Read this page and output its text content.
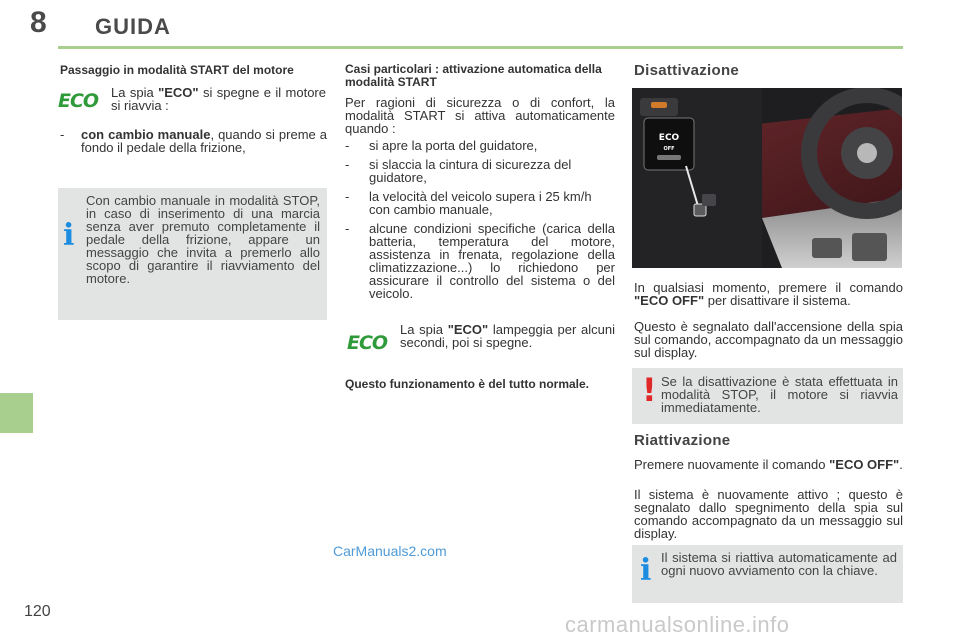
8 GUIDA
Passaggio in modalità START del motore
ECO La spia "ECO" si spegne e il motore si riavvia :

- con cambio manuale, quando si preme a fondo il pedale della frizione,

i

Con cambio manuale in modalità STOP, in caso di inserimento di una marcia senza aver premuto completamente il pedale della frizione, appare un messaggio che invita a premerlo allo scopo di garantire il riavviamento del motore.

Casi particolari : attivazione automatica della modalità START

Per ragioni di sicurezza o di confort, la modalità START si attiva automaticamente quando :

- si apre la porta del guidatore,
- si slaccia la cintura di sicurezza del guidatore,
- la velocità del veicolo supera i 25 km/h con cambio manuale,
- alcune condizioni specifiche (carica della batteria, temperatura del motore, assistenza in frenata, regolazione della climatizzazione...) lo richiedono per assicurare il controllo del sistema o del veicolo.
ECO

La spia "ECO" lampeggia per alcuni secondi, poi si spegne.

Questo funzionamento è del tutto normale.

Disattivazione
ECO
OFF

In qualsiasi momento, premere il comando "ECO OFF" per disattivare il sistema.

Questo è segnalato dall'accensione della spia sul comando, accompagnato da un messaggio sul display.

! Se la disattivazione è stata effettuata in modalità STOP, il motore si riavvia immediatamente.

Riattivazione

Premere nuovamente il comando "ECO OFF".

Il sistema è nuovamente attivo ; questo è segnalato dallo spegnimento della spia sul comando accompagnato da un messaggio sul display.

i Il sistema si riattiva automaticamente ad ogni nuovo avviamento con la chiave.

120
CarManuals2.com
carmanualsonline.info
